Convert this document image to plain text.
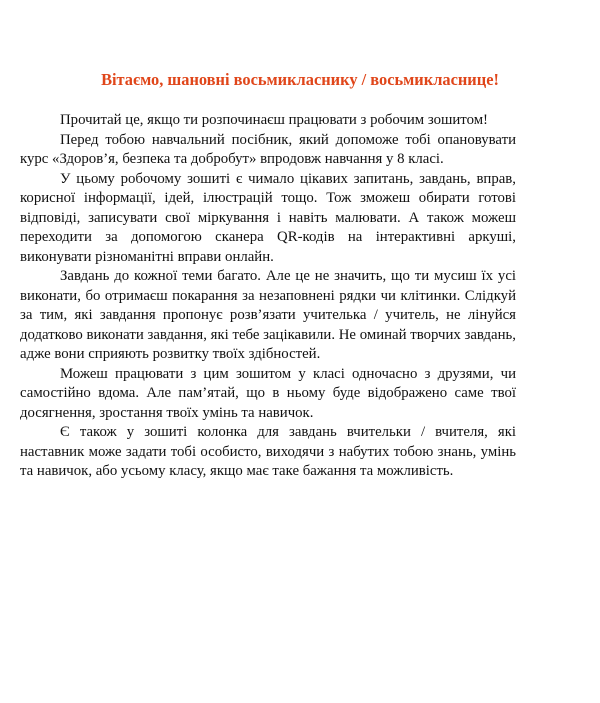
Вітаємо, шановні восьмикласнику / восьмикласнице!

Прочитай це, якщо ти розпочинаєш працювати з робочим зошитом!

Перед тобою навчальний посібник, який допоможе тобі опановувати курс «Здоров’я, безпека та добробут» впродовж навчання у 8 класі.

У цьому робочому зошиті є чимало цікавих запитань, завдань, вправ, корисної інформації, ідей, ілюстрацій тощо. Тож зможеш обирати готові відповіді, записувати свої міркування і навіть малювати. А також можеш переходити за допомогою сканера QR-кодів на інтерактивні аркуші, виконувати різноманітні вправи онлайн.

Завдань до кожної теми багато. Але це не значить, що ти мусиш їх усі виконати, бо отримаєш покарання за незаповнені рядки чи клітинки. Слідкуй за тим, які завдання пропонує розв’язати учителька / учитель, не лінуйся додатково виконати завдання, які тебе зацікавили. Не оминай творчих завдань, адже вони сприяють розвитку твоїх здібностей.

Можеш працювати з цим зошитом у класі одночасно з друзями, чи самостійно вдома. Але пам’ятай, що в ньому буде відображено саме твої досягнення, зростання твоїх умінь та навичок.

Є також у зошиті колонка для завдань вчительки / вчителя, які наставник може задати тобі особисто, виходячи з набутих тобою знань, умінь та навичок, або усьому класу, якщо має таке бажання та можливість.
